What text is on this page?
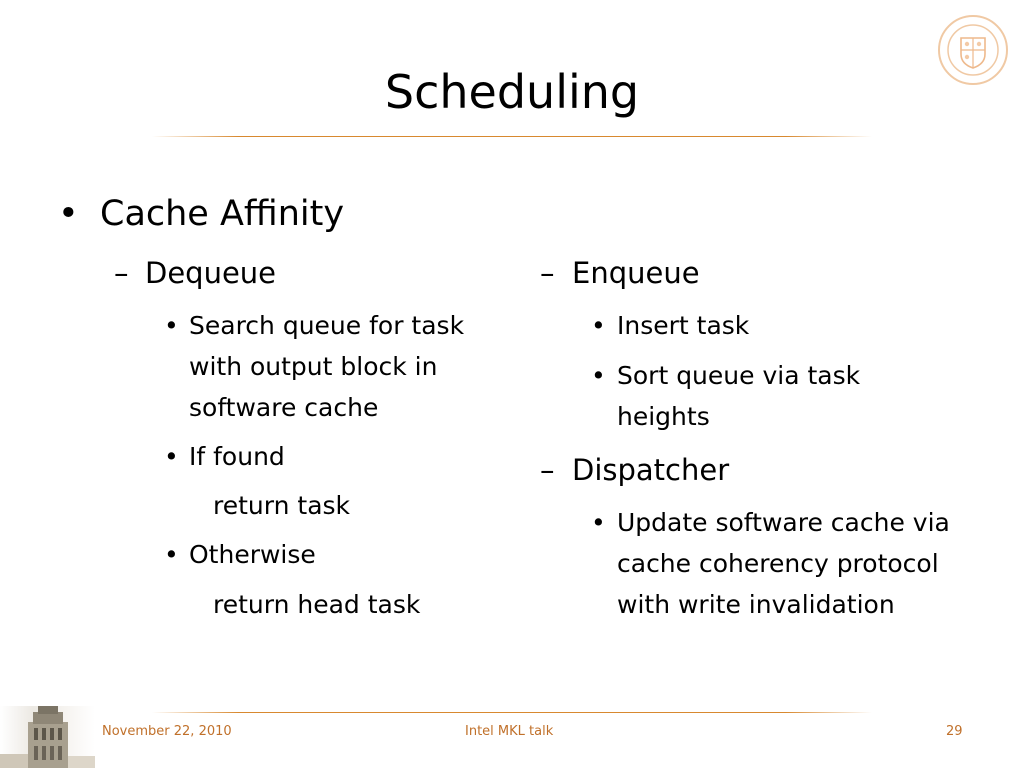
Scheduling
• Cache Affinity
– Dequeue
• Search queue for task with output block in software cache
• If found
return task
• Otherwise
return head task
– Enqueue
• Insert task
• Sort queue via task heights
– Dispatcher
• Update software cache via cache coherency protocol with write invalidation
November 22, 2010	Intel MKL talk	29
